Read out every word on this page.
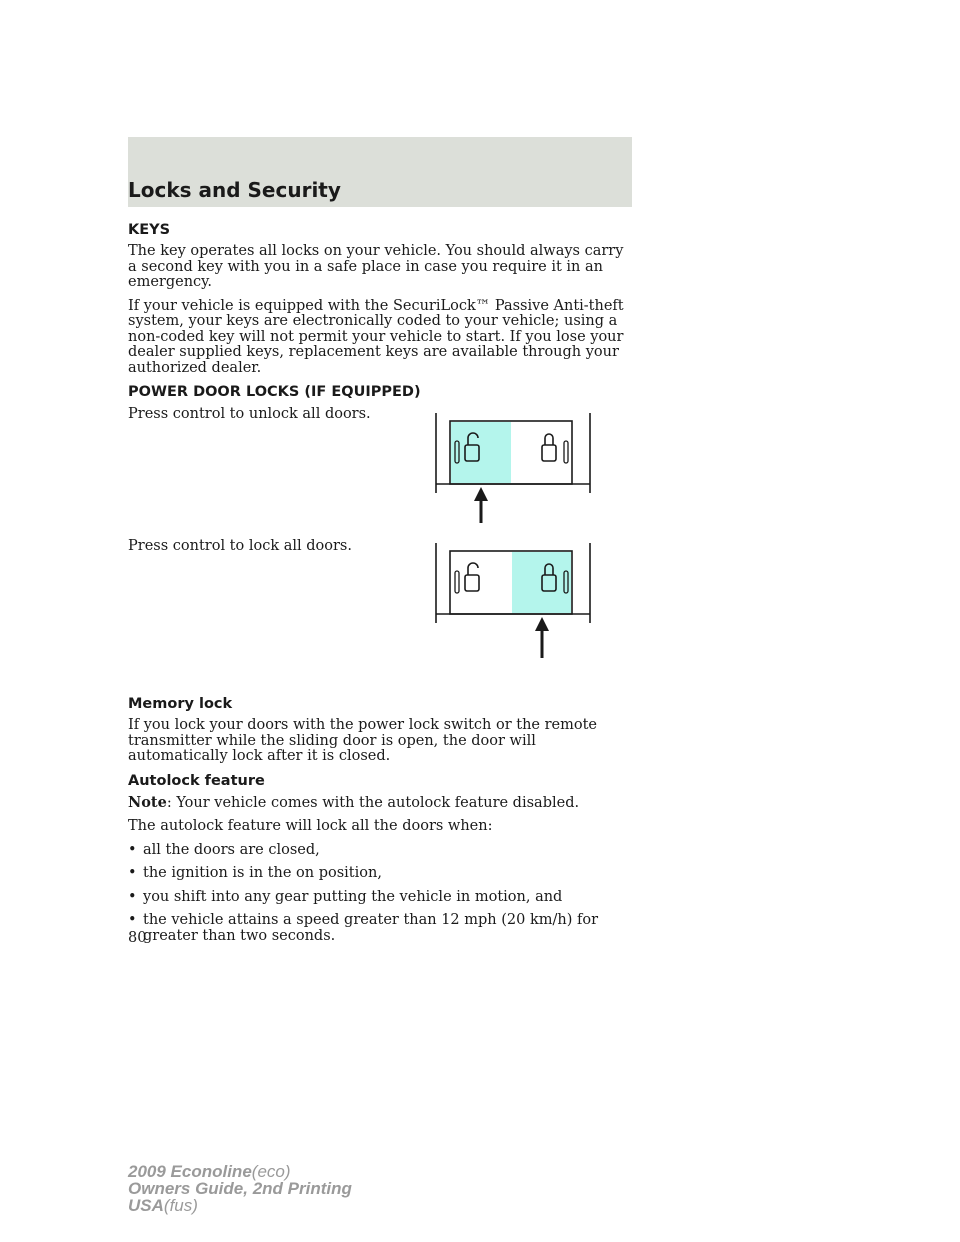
Locks and Security
KEYS

The key operates all locks on your vehicle. You should always carry a second key with you in a safe place in case you require it in an emergency.

If your vehicle is equipped with the SecuriLock™ Passive Anti-theft system, your keys are electronically coded to your vehicle; using a non-coded key will not permit your vehicle to start. If you lose your dealer supplied keys, replacement keys are available through your authorized dealer.

POWER DOOR LOCKS (IF EQUIPPED)
Press control to unlock all doors.
Press control to lock all doors.
Memory lock

If you lock your doors with the power lock switch or the remote transmitter while the sliding door is open, the door will automatically lock after it is closed.

Autolock feature

Note: Your vehicle comes with the autolock feature disabled.

The autolock feature will lock all the doors when:

• all the doors are closed,
• the ignition is in the on position,
• you shift into any gear putting the vehicle in motion, and
• the vehicle attains a speed greater than 12 mph (20 km/h) for greater than two seconds.
80
2009 Econoline(eco)
Owners Guide, 2nd Printing
USA(fus)
